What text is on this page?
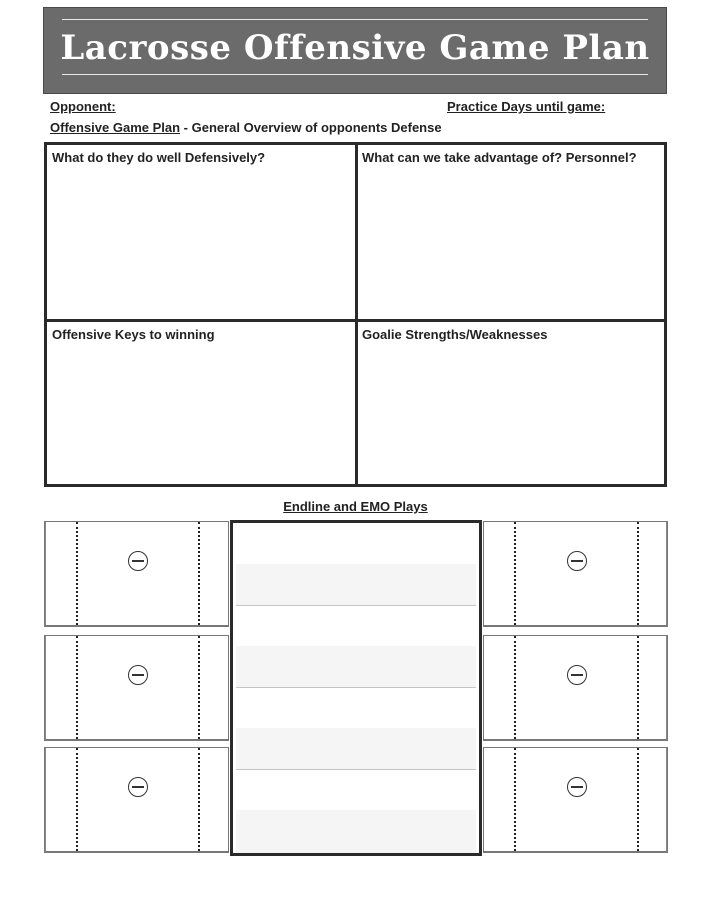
Lacrosse Offensive Game Plan
Opponent:	Practice Days until game:
Offensive Game Plan - General Overview of opponents Defense
What do they do well Defensively?	What can we take advantage of? Personnel?
Offensive Keys to winning	Goalie Strengths/Weaknesses
Endline and EMO Plays
